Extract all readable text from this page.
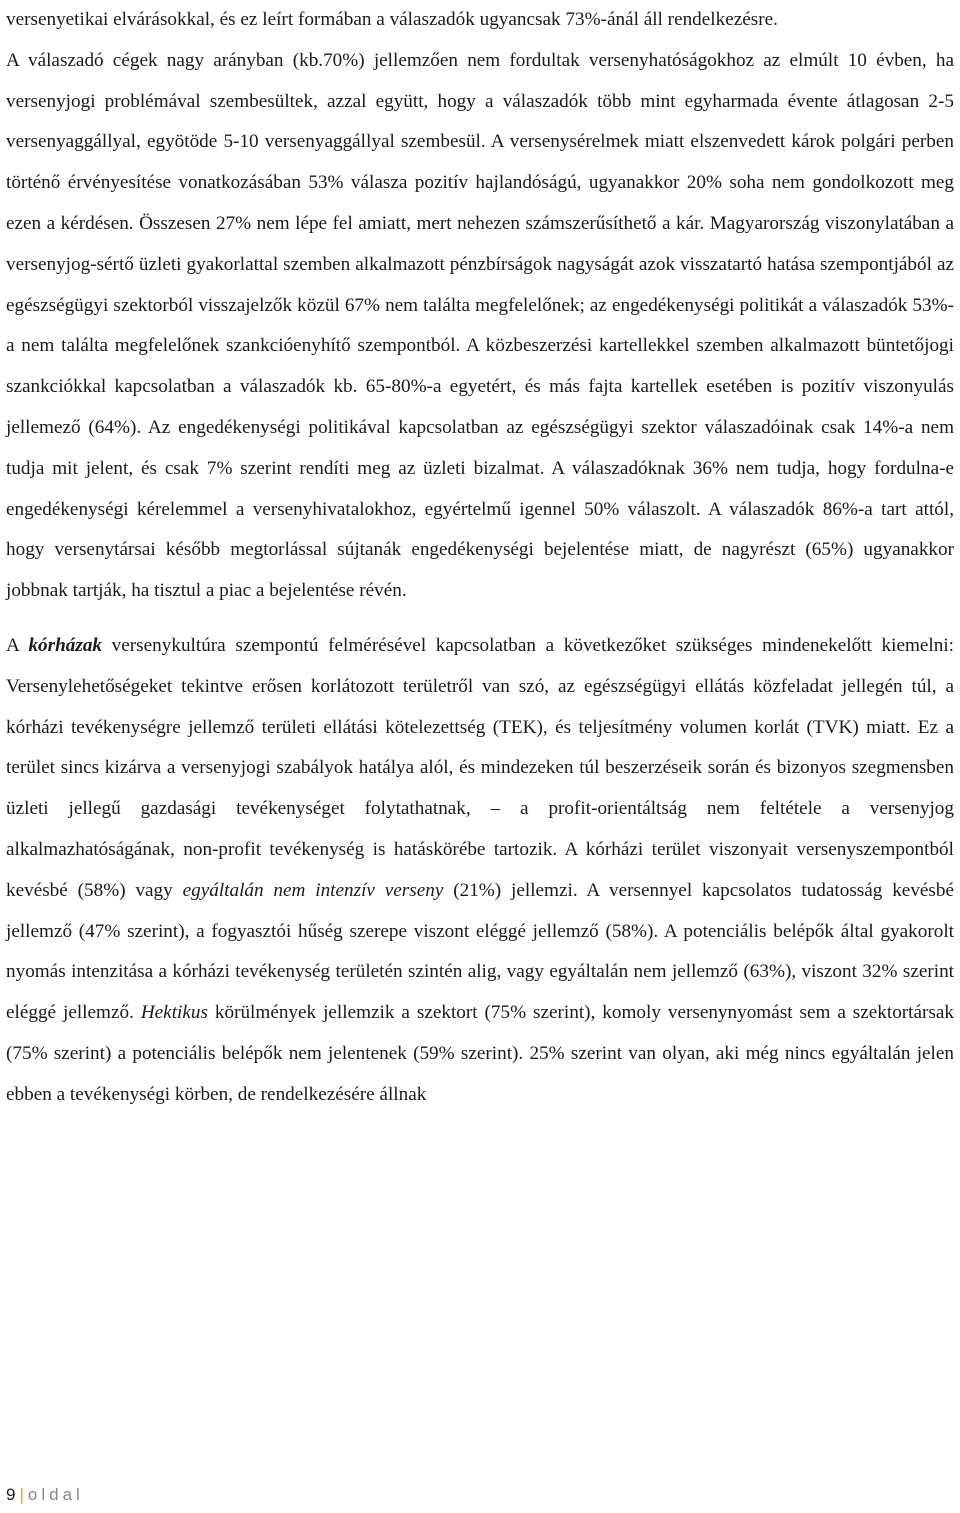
versenyetikai elvárásokkal, és ez leírt formában a válaszadók ugyancsak 73%-ánál áll rendelkezésre.

A válaszadó cégek nagy arányban (kb.70%) jellemzően nem fordultak versenyhatóságokhoz az elmúlt 10 évben, ha versenyjogi problémával szembesültek, azzal együtt, hogy a válaszadók több mint egyharmada évente átlagosan 2-5 versenyaggállyal, egyötöde 5-10 versenyaggállyal szembesül. A versenysérelmek miatt elszenvedett károk polgári perben történő érvényesítése vonatkozásában 53% válasza pozitív hajlandóságú, ugyanakkor 20% soha nem gondolkozott meg ezen a kérdésen. Összesen 27% nem lépe fel amiatt, mert nehezen számszerűsíthető a kár. Magyarország viszonylatában a versenyjog-sértő üzleti gyakorlattal szemben alkalmazott pénzbírságok nagyságát azok visszatartó hatása szempontjából az egészségügyi szektorból visszajelzők közül 67% nem találta megfelelőnek; az engedékenységi politikát a válaszadók 53%-a nem találta megfelelőnek szankcióenyhítő szempontból. A közbeszerzési kartellekkel szemben alkalmazott büntetőjogi szankciókkal kapcsolatban a válaszadók kb. 65-80%-a egyetért, és más fajta kartellek esetében is pozitív viszonyulás jellemező (64%). Az engedékenységi politikával kapcsolatban az egészségügyi szektor válaszadóinak csak 14%-a nem tudja mit jelent, és csak 7% szerint rendíti meg az üzleti bizalmat. A válaszadóknak 36% nem tudja, hogy fordulna-e engedékenységi kérelemmel a versenyhivatalokhoz, egyértelmű igennel 50% válaszolt. A válaszadók 86%-a tart attól, hogy versenytársai később megtorlással sújtanák engedékenységi bejelentése miatt, de nagyrészt (65%) ugyanakkor jobbnak tartják, ha tisztul a piac a bejelentése révén.

A kórházak versenykultúra szempontú felmérésével kapcsolatban a következőket szükséges mindenekelőtt kiemelni: Versenylehetőségeket tekintve erősen korlátozott területről van szó, az egészségügyi ellátás közfeladat jellegén túl, a kórházi tevékenységre jellemző területi ellátási kötelezettség (TEK), és teljesítmény volumen korlát (TVK) miatt. Ez a terület sincs kizárva a versenyjogi szabályok hatálya alól, és mindezeken túl beszerzéseik során és bizonyos szegmensben üzleti jellegű gazdasági tevékenységet folytathatnak, – a profit-orientáltság nem feltétele a versenyjog alkalmazhatóságának, non-profit tevékenység is hatáskörébe tartozik. A kórházi terület viszonyait versenyszempontból kevésbé (58%) vagy egyáltalán nem intenzív verseny (21%) jellemzi. A versennyel kapcsolatos tudatosság kevésbé jellemző (47% szerint), a fogyasztói hűség szerepe viszont eléggé jellemző (58%). A potenciális belépők által gyakorolt nyomás intenzitása a kórházi tevékenység területén szintén alig, vagy egyáltalán nem jellemző (63%), viszont 32% szerint eléggé jellemző. Hektikus körülmények jellemzik a szektort (75% szerint), komoly versenynyomást sem a szektortársak (75% szerint) a potenciális belépők nem jelentenek (59% szerint). 25% szerint van olyan, aki még nincs egyáltalán jelen ebben a tevékenységi körben, de rendelkezésére állnak

9 | oldal
